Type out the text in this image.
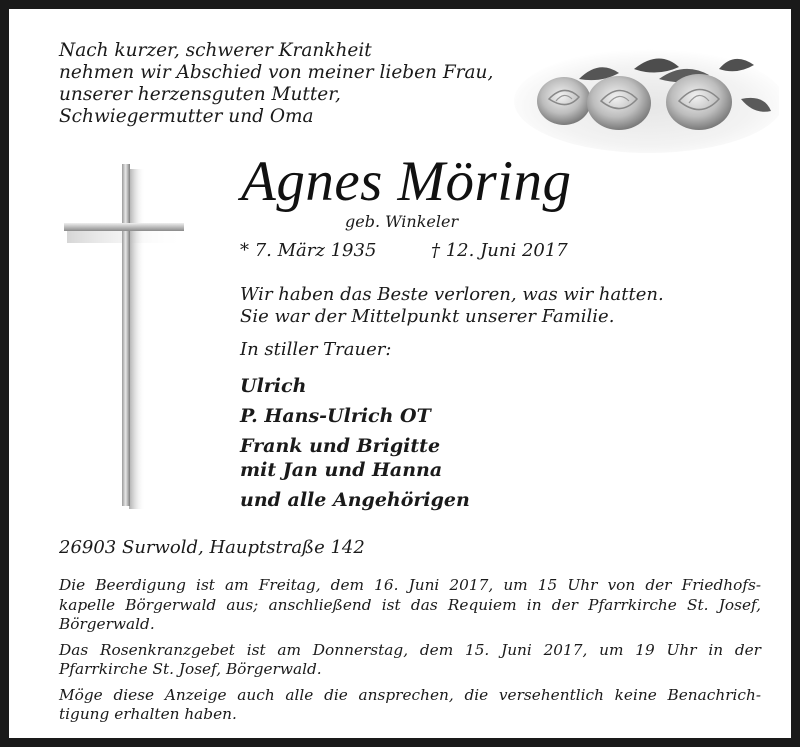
Nach kurzer, schwerer Krankheit
nehmen wir Abschied von meiner lieben Frau,
unserer herzensguten Mutter,
Schwiegermutter und Oma
Agnes Möring
geb. Winkeler
* 7. März 1935	† 12. Juni 2017
Wir haben das Beste verloren, was wir hatten.
Sie war der Mittelpunkt unserer Familie.
In stiller Trauer:
Ulrich
P. Hans-Ulrich OT
Frank und Brigitte
mit Jan und Hanna
und alle Angehörigen
26903 Surwold, Hauptstraße 142

Die Beerdigung ist am Freitag, dem 16. Juni 2017, um 15 Uhr von der Friedhofs-
kapelle Börgerwald aus; anschließend ist das Requiem in der Pfarrkirche St. Josef,
Börgerwald.

Das Rosenkranzgebet ist am Donnerstag, dem 15. Juni 2017, um 19 Uhr in der
Pfarrkirche St. Josef, Börgerwald.

Möge diese Anzeige auch alle die ansprechen, die versehentlich keine Benachrich-
tigung erhalten haben.
